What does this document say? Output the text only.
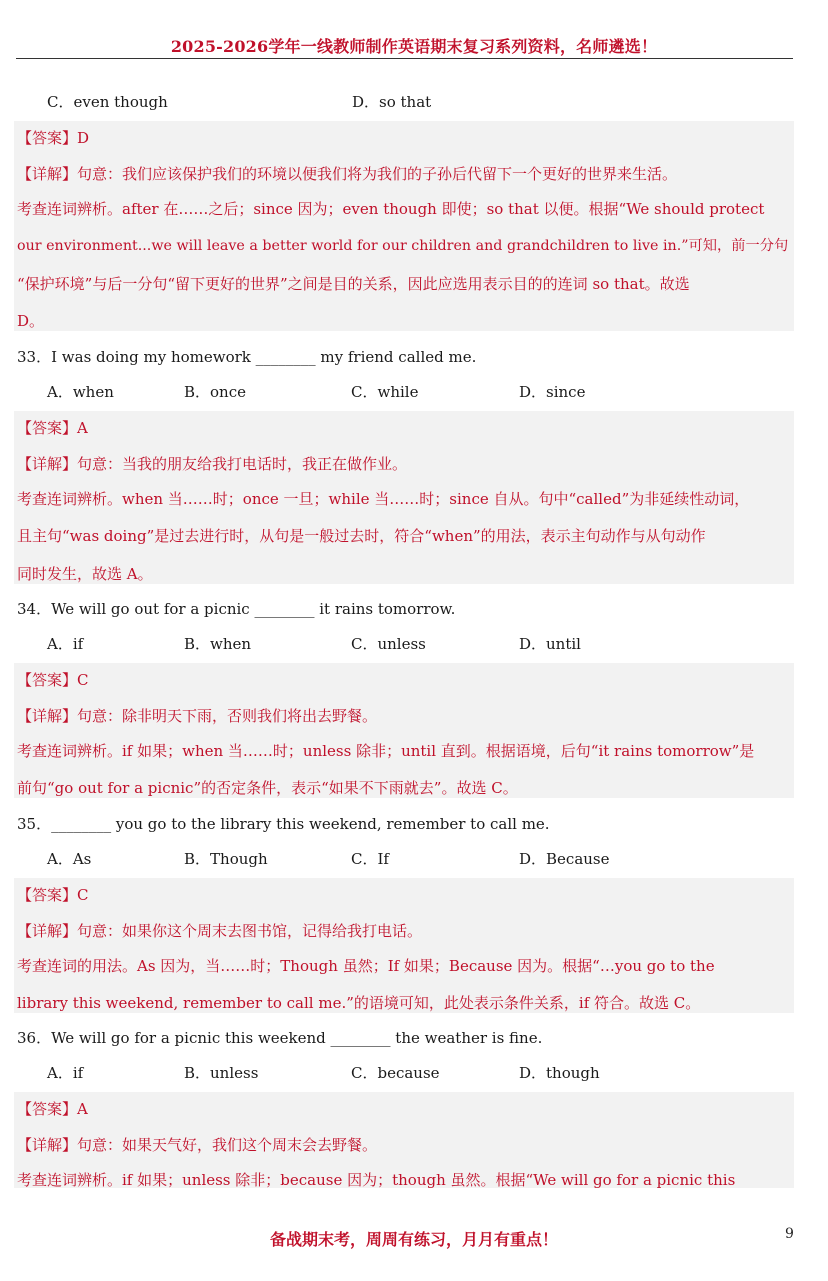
2025-2026学年一线教师制作英语期末复习系列资料，名师遴选！
C．even though	D．so that
【答案】D
【详解】句意：我们应该保护我们的环境以便我们将为我们的子孙后代留下一个更好的世界来生活。
考查连词辨析。after 在……之后；since 因为；even though 即使；so that 以便。根据“We should protect
our environment...we will leave a better world for our children and grandchildren to live in.”可知，前一分句
“保护环境”与后一分句“留下更好的世界”之间是目的关系，因此应选用表示目的的连词 so that。故选
D。
33．I was doing my homework ________ my friend called me.
A．when	B．once	C．while	D．since
【答案】A
【详解】句意：当我的朋友给我打电话时，我正在做作业。
考查连词辨析。when 当……时；once 一旦；while 当……时；since 自从。句中“called”为非延续性动词，
且主句“was doing”是过去进行时，从句是一般过去时，符合“when”的用法，表示主句动作与从句动作
同时发生，故选 A。
34．We will go out for a picnic ________ it rains tomorrow.
A．if	B．when	C．unless	D．until
【答案】C
【详解】句意：除非明天下雨，否则我们将出去野餐。
考查连词辨析。if 如果；when 当……时；unless 除非；until 直到。根据语境，后句“it rains tomorrow”是
前句“go out for a picnic”的否定条件，表示“如果不下雨就去”。故选 C。
35．________ you go to the library this weekend, remember to call me.
A．As	B．Though	C．If	D．Because
【答案】C
【详解】句意：如果你这个周末去图书馆，记得给我打电话。
考查连词的用法。As 因为，当……时；Though 虽然；If 如果；Because 因为。根据“…you go to the
library this weekend, remember to call me.”的语境可知，此处表示条件关系，if 符合。故选 C。
36．We will go for a picnic this weekend ________ the weather is fine.
A．if	B．unless	C．because	D．though
【答案】A
【详解】句意：如果天气好，我们这个周末会去野餐。
考查连词辨析。if 如果；unless 除非；because 因为；though 虽然。根据“We will go for a picnic this
备战期末考，周周有练习，月月有重点！	9
